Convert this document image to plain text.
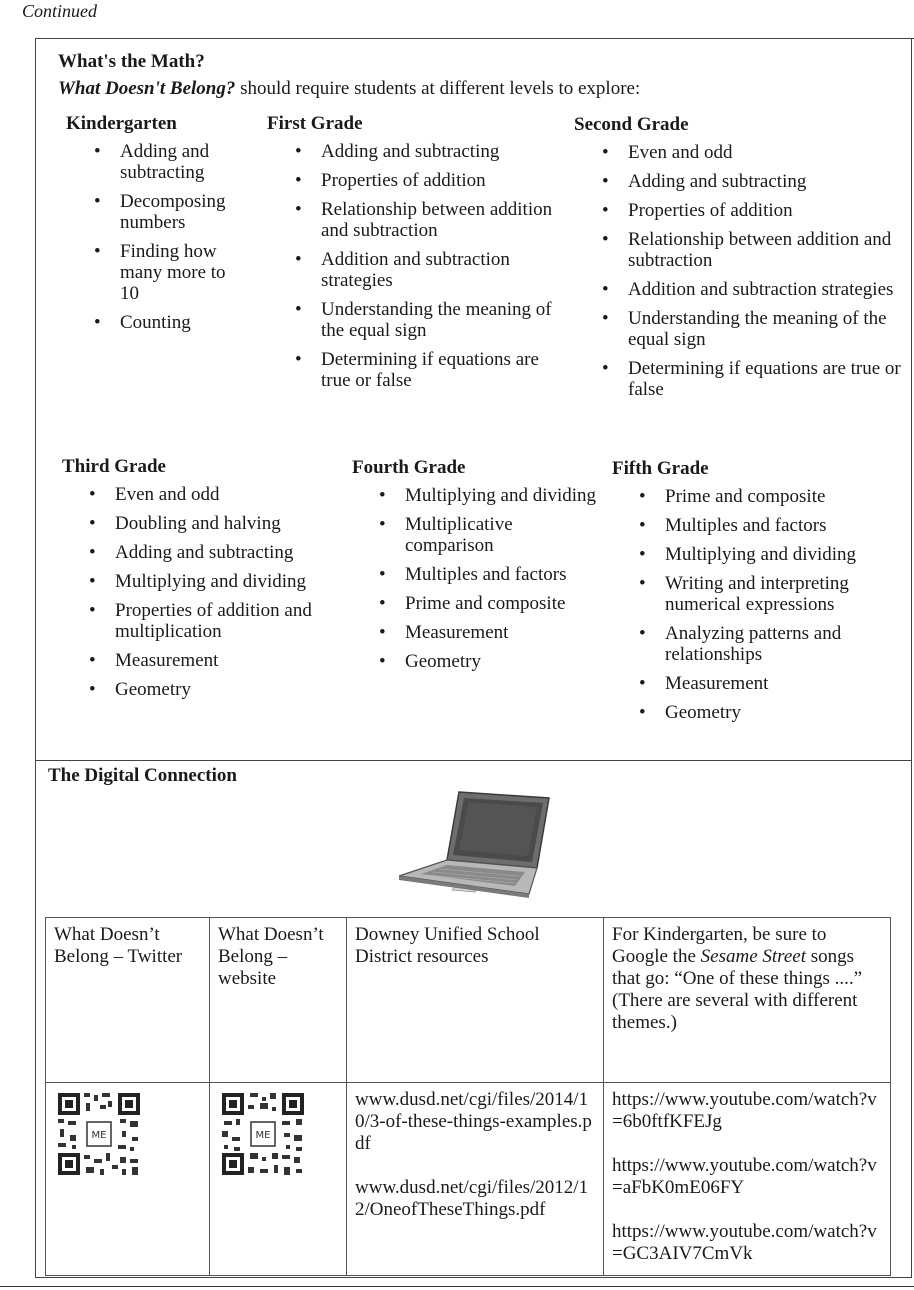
Continued
What's the Math?
What Doesn't Belong? should require students at different levels to explore:
Kindergarten
• Adding and subtracting
• Decomposing numbers
• Finding how many more to 10
• Counting
First Grade
• Adding and subtracting
• Properties of addition
• Relationship between addition and subtraction
• Addition and subtraction strategies
• Understanding the meaning of the equal sign
• Determining if equations are true or false
Second Grade
• Even and odd
• Adding and subtracting
• Properties of addition
• Relationship between addition and subtraction
• Addition and subtraction strategies
• Understanding the meaning of the equal sign
• Determining if equations are true or false
Third Grade
• Even and odd
• Doubling and halving
• Adding and subtracting
• Multiplying and dividing
• Properties of addition and multiplication
• Measurement
• Geometry
Fourth Grade
• Multiplying and dividing
• Multiplicative comparison
• Multiples and factors
• Prime and composite
• Measurement
• Geometry
Fifth Grade
• Prime and composite
• Multiples and factors
• Multiplying and dividing
• Writing and interpreting numerical expressions
• Analyzing patterns and relationships
• Measurement
• Geometry
The Digital Connection
What Doesn’t Belong – Twitter	What Doesn’t Belong – website	Downey Unified School District resources	For Kindergarten, be sure to Google the Sesame Street songs that go: “One of these things ....”
(There are several with different themes.)

ME	ME	www.dusd.net/cgi/files/2014/10/3-of-these-things-examples.pdf
www.dusd.net/cgi/files/2012/12/OneofTheseThings.pdf	https://www.youtube.com/watch?v=6b0ftfKFEJg
https://www.youtube.com/watch?v=aFbK0mE06FY
https://www.youtube.com/watch?v=GC3AIV7CmVk
